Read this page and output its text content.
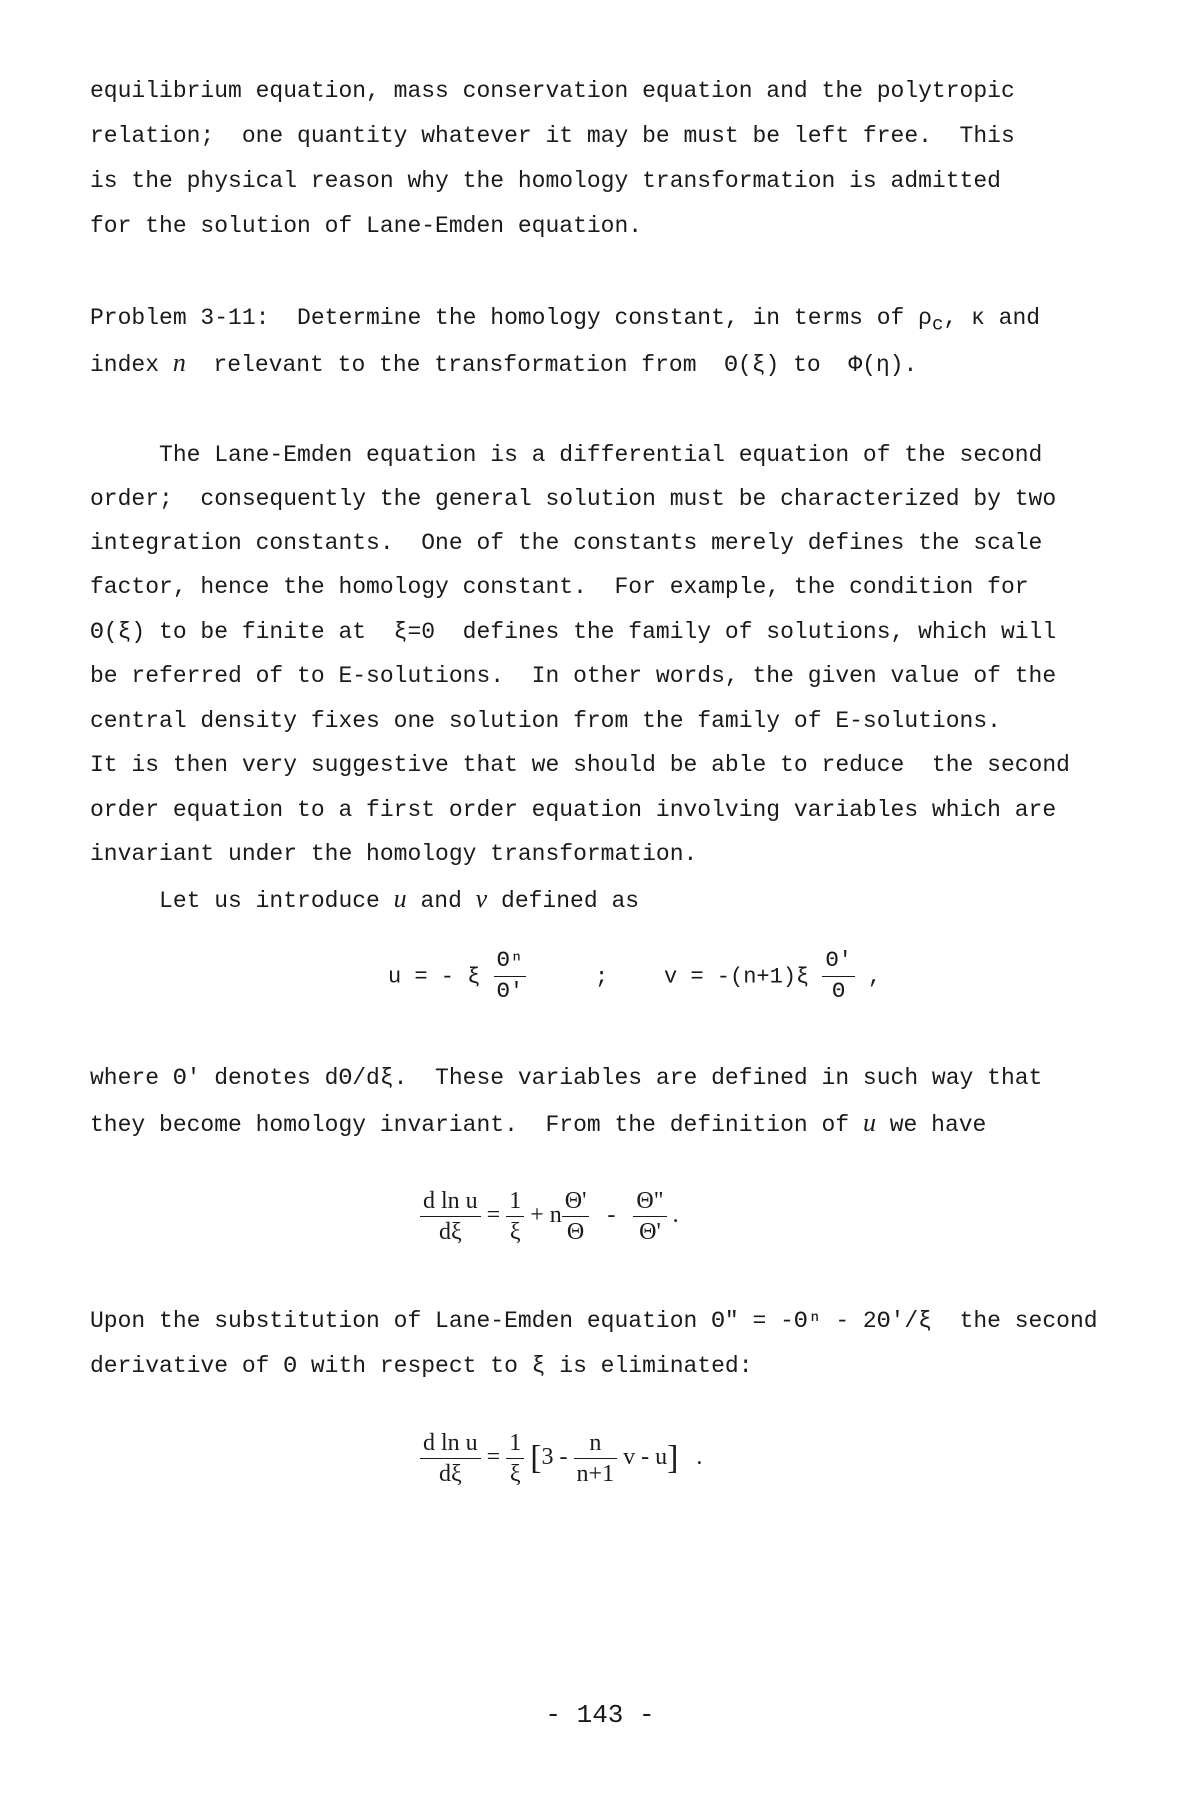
equilibrium equation, mass conservation equation and the polytropic
relation;  one quantity whatever it may be must be left free.  This
is the physical reason why the homology transformation is admitted
for the solution of Lane-Emden equation.
Problem 3-11:  Determine the homology constant, in terms of $\rho_c$, κ and
index n  relevant to the transformation from  Θ(ξ) to  Φ(η).
The Lane-Emden equation is a differential equation of the second
order;  consequently the general solution must be characterized by two
integration constants.  One of the constants merely defines the scale
factor, hence the homology constant.  For example, the condition for
Θ(ξ) to be finite at  ξ=0  defines the family of solutions, which will
be referred of to E-solutions.  In other words, the given value of the
central density fixes one solution from the family of E-solutions.
It is then very suggestive that we should be able to reduce  the second
order equation to a first order equation involving variables which are
invariant under the homology transformation.
Let us introduce u and v defined as
u = - ξ $\frac{\text{Θⁿ}}{\Theta'}$	;	$v = -(n+1)\xi \frac{\Theta'}{\Theta}$ ,
where Θ' denotes dΘ/dξ.  These variables are defined in such way that
they become homology invariant.  From the definition of u we have
$\frac{\text{d ln u}}{d\xi} = \frac{1}{\xi} + n \frac{\Theta'}{\Theta} - \frac{\Theta"}{\Theta'}$ .
Upon the substitution of Lane-Emden equation Θ" = -Θⁿ - 2Θ'/ξ  the second
derivative of Θ with respect to ξ is eliminated:
$\frac{\text{d ln u}}{d\xi} = \frac{1}{\xi} [3 - \frac{n}{n+1}$ v - u] .
- 143 -
